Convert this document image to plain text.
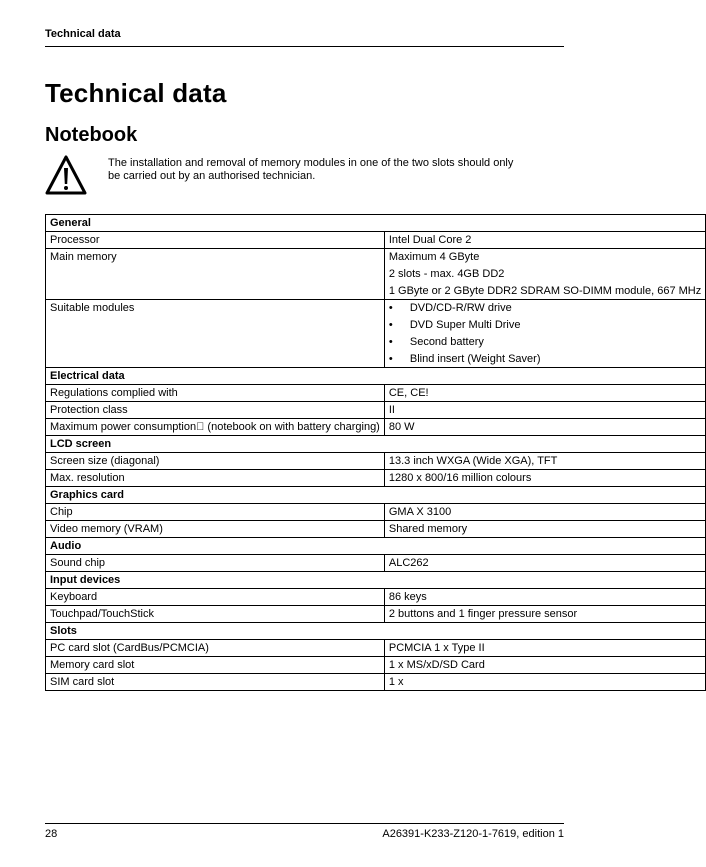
Technical data
Technical data
Notebook
The installation and removal of memory modules in one of the two slots should only be carried out by an authorised technician.
General	
Processor	Intel Dual Core 2
Main memory	Maximum 4 GByte
2 slots - max. 4GB DD2
1 GByte or 2 GByte DDR2 SDRAM SO-DIMM module, 667 MHz

Suitable modules	• DVD/CD-R/RW drive
• DVD Super Multi Drive
• Second battery
• Blind insert (Weight Saver)

Electrical data	
Regulations complied with	CE, CE!
Protection class	II
Maximum power consumption  (notebook on with battery charging)	80 W
LCD screen	
Screen size (diagonal)	13.3 inch WXGA (Wide XGA), TFT
Max. resolution	1280 x 800/16 million colours
Graphics card	
Chip	GMA X 3100
Video memory (VRAM)	Shared memory
Audio	
Sound chip	ALC262
Input devices	
Keyboard	86 keys
Touchpad/TouchStick	2 buttons and 1 finger pressure sensor
Slots	
PC card slot (CardBus/PCMCIA)	PCMCIA 1 x Type II
Memory card slot	1 x MS/xD/SD Card
SIM card slot	1 x
28	A26391-K233-Z120-1-7619, edition 1
